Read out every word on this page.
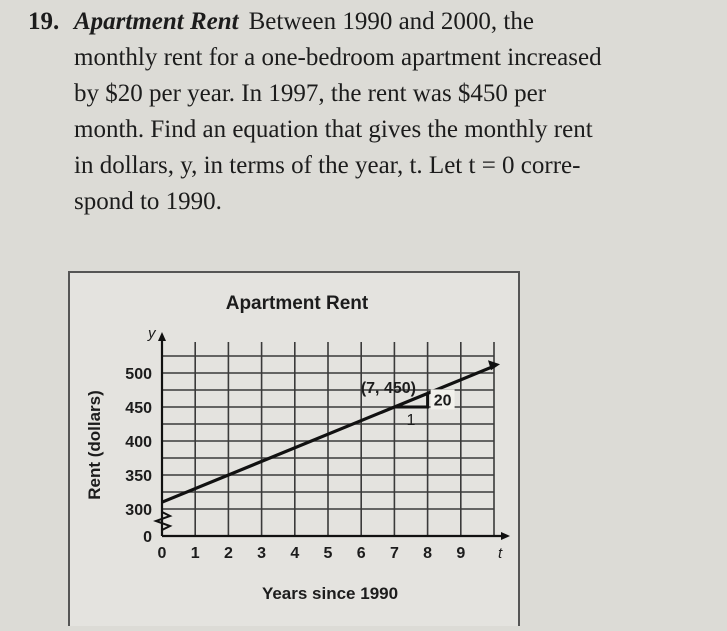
19. Apartment Rent Between 1990 and 2000, the
monthly rent for a one-bedroom apartment increased
by $20 per year. In 1997, the rent was $450 per
month. Find an equation that gives the monthly rent
in dollars, y, in terms of the year, t. Let t = 0 corre-
spond to 1990.
Apartment Rent
y
t
0 1 2 3 4 5 6 7 8 9
0
300
350
400
450
500
(7, 450)
1
20
Years since 1990
Rent (dollars)
